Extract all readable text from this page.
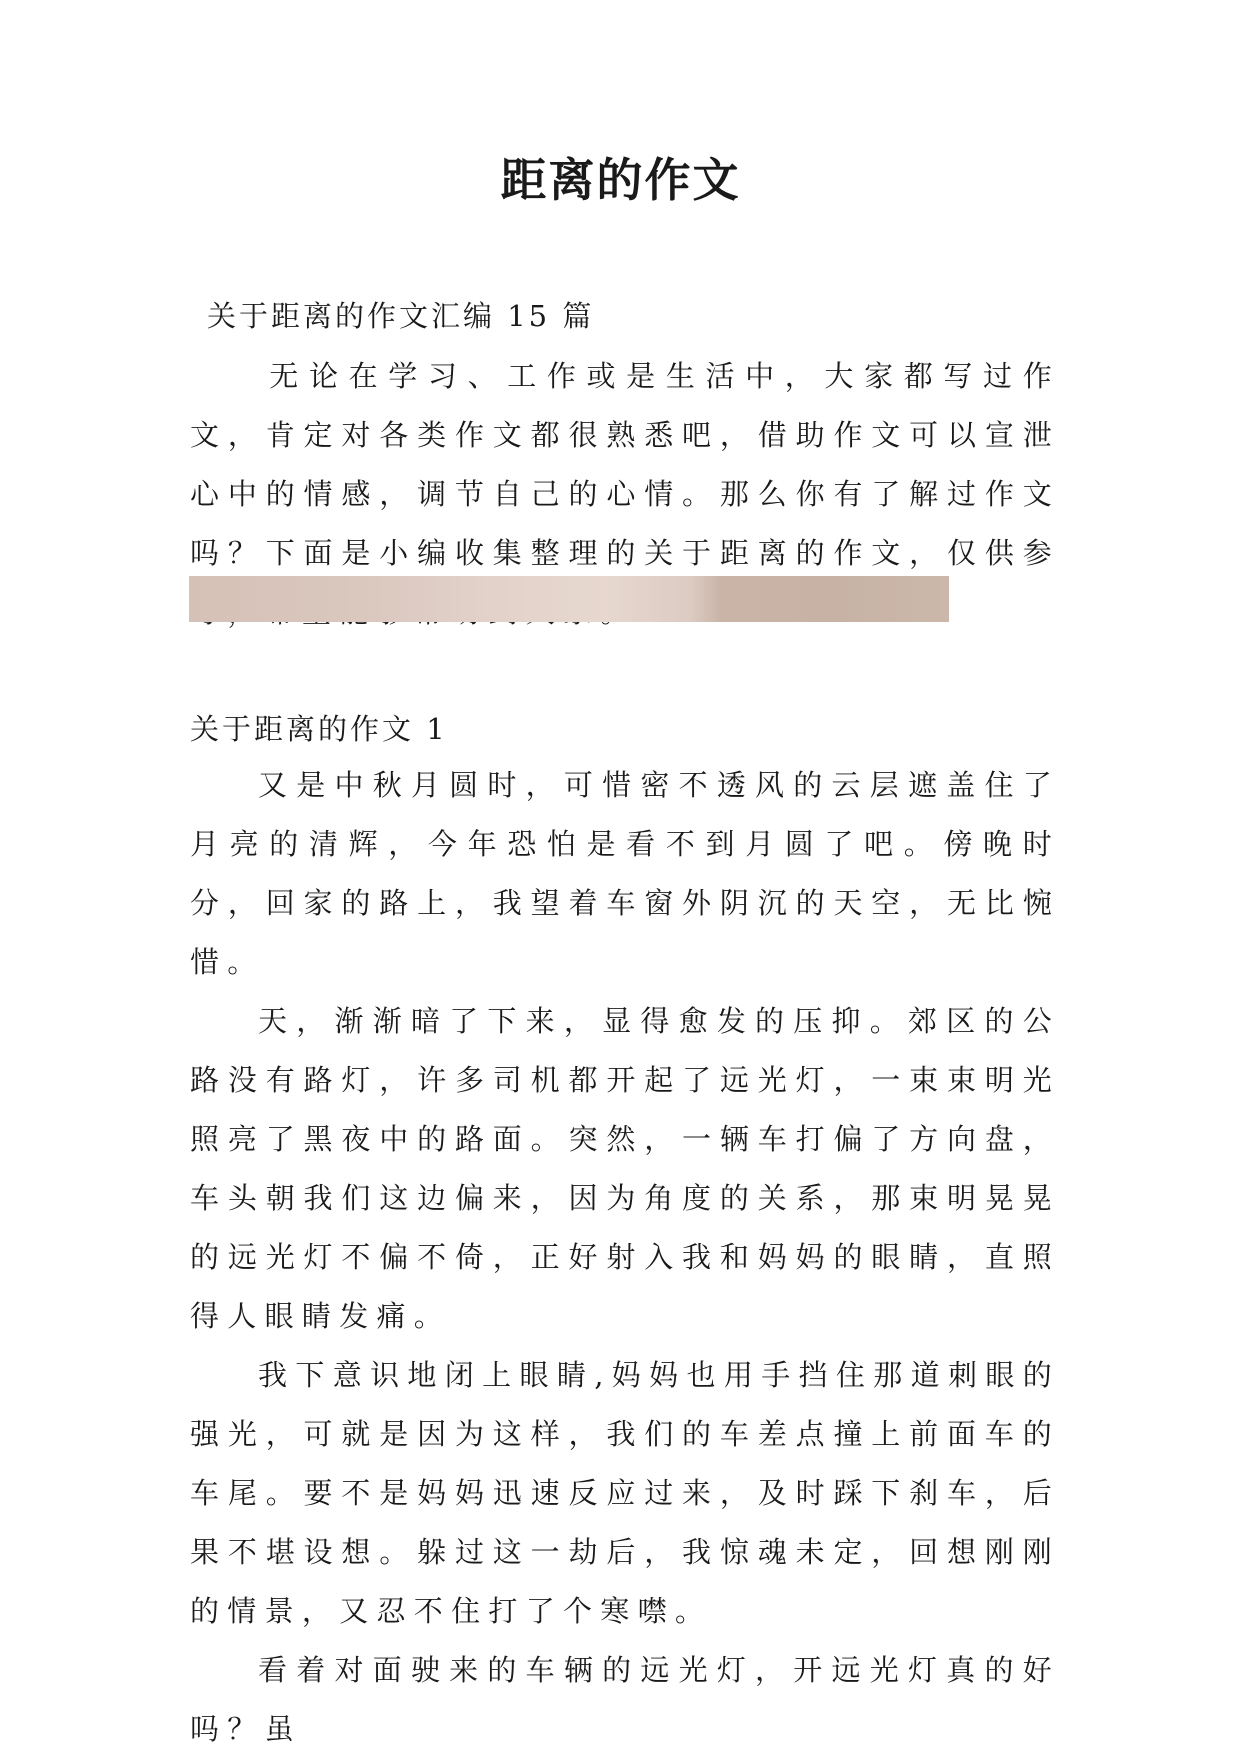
距离的作文

关于距离的作文汇编 15 篇

　　无论在学习、工作或是生活中，大家都写过作文，肯定对各类作文都很熟悉吧，借助作文可以宣泄心中的情感，调节自己的心情。那么你有了解过作文吗？下面是小编收集整理的关于距离的作文，仅供参

关于距离的作文 1

又是中秋月圆时，可惜密不透风的云层遮盖住了月亮的清辉，今年恐怕是看不到月圆了吧。傍晚时分，回家的路上，我望着车窗外阴沉的天空，无比惋惜。

天，渐渐暗了下来，显得愈发的压抑。郊区的公路没有路灯，许多司机都开起了远光灯，一束束明光照亮了黑夜中的路面。突然，一辆车打偏了方向盘，车头朝我们这边偏来，因为角度的关系，那束明晃晃的远光灯不偏不倚，正好射入我和妈妈的眼睛，直照得人眼睛发痛。

我下意识地闭上眼睛,妈妈也用手挡住那道刺眼的强光，可就是因为这样，我们的车差点撞上前面车的车尾。要不是妈妈迅速反应过来，及时踩下刹车，后果不堪设想。躲过这一劫后，我惊魂未定，回想刚刚的情景，又忍不住打了个寒噤。

看着对面驶来的车辆的远光灯，开远光灯真的好吗？虽
